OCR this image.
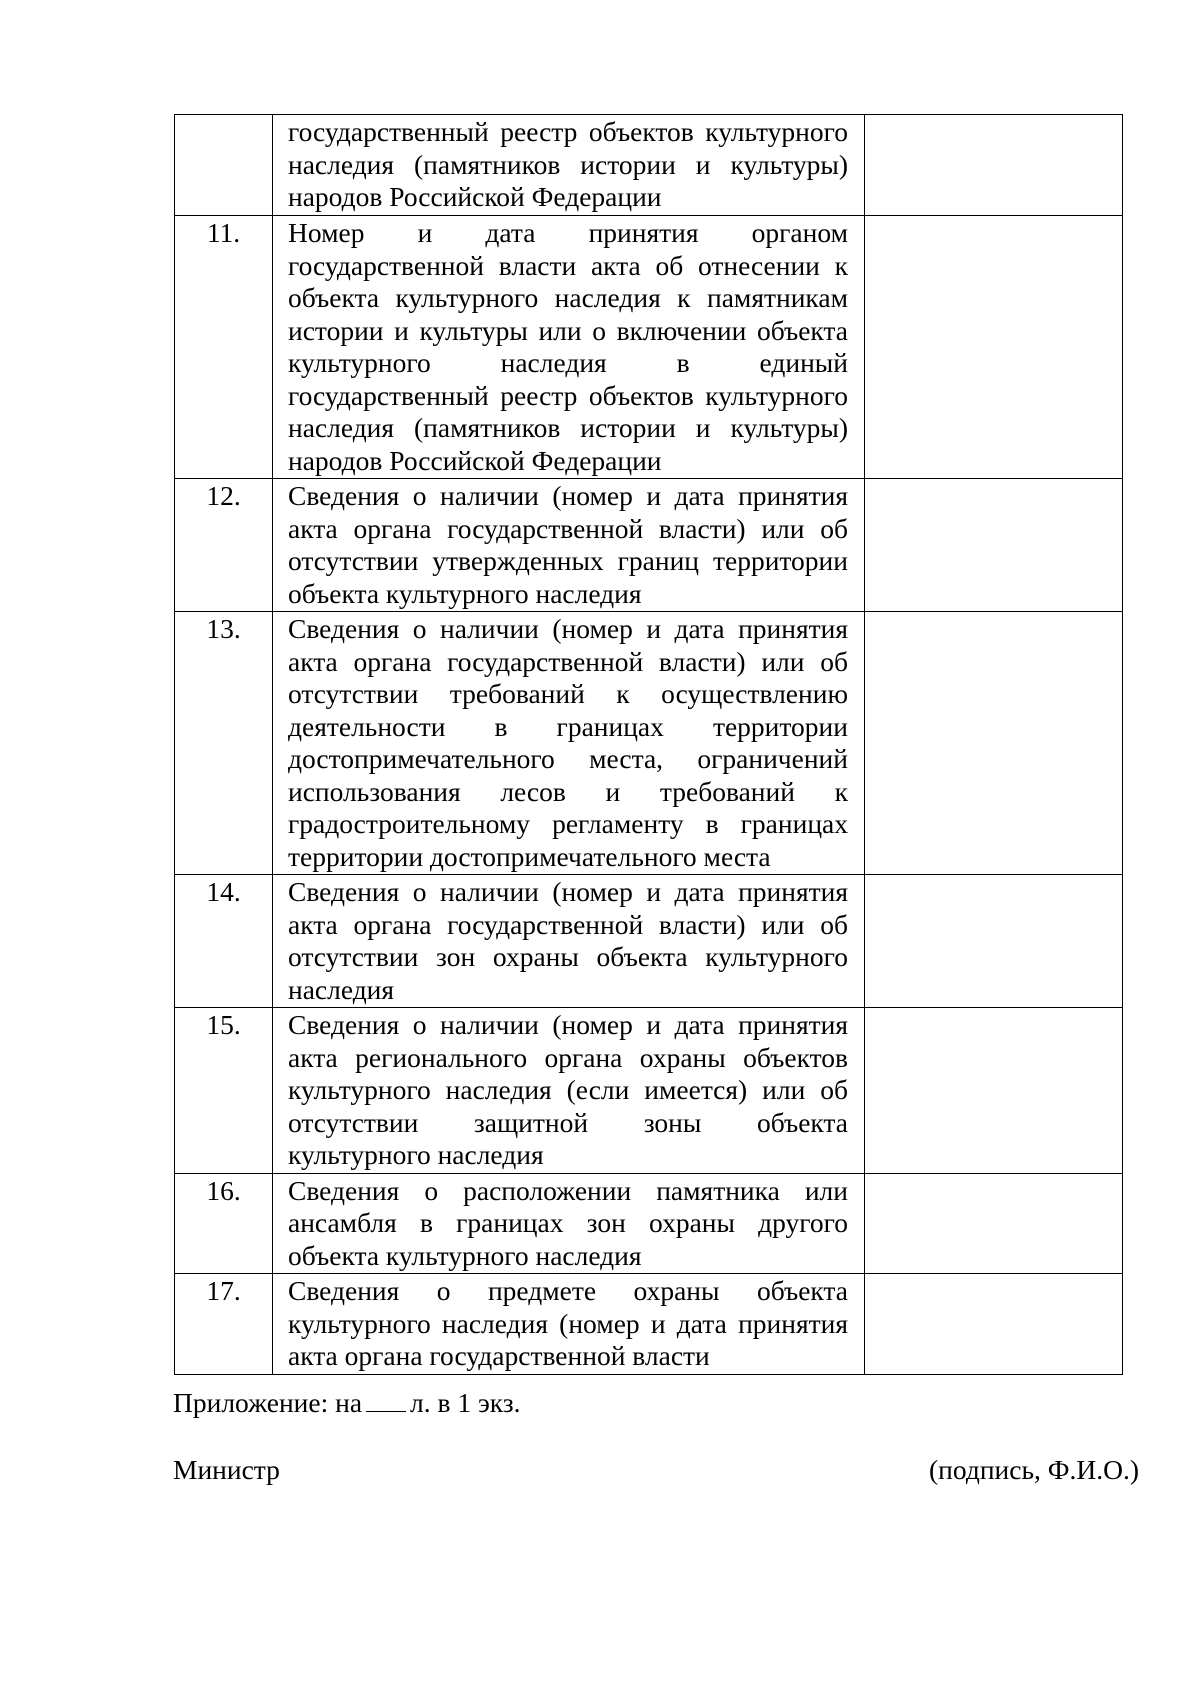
	государственный реестр объектов культурного наследия (памятников истории и культуры) народов Российской Федерации	

11.	Номер и дата принятия органом государственной власти акта об отнесении к объекта культурного наследия к памятникам истории и культуры или о включении объекта культурного наследия в единый государственный реестр объектов культурного наследия (памятников истории и культуры) народов Российской Федерации	

12.	Сведения о наличии (номер и дата принятия акта органа государственной власти) или об отсутствии утвержденных границ территории объекта культурного наследия	

13.	Сведения о наличии (номер и дата принятия акта органа государственной власти) или об отсутствии требований к осуществлению деятельности в границах территории достопримечательного места, ограничений использования лесов и требований к градостроительному регламенту в границах территории достопримечательного места	

14.	Сведения о наличии (номер и дата принятия акта органа государственной власти) или об отсутствии зон охраны объекта культурного наследия	

15.	Сведения о наличии (номер и дата принятия акта регионального органа охраны объектов культурного наследия (если имеется) или об отсутствии защитной зоны объекта культурного наследия	

16.	Сведения о расположении памятника или ансамбля в границах зон охраны другого объекта культурного наследия	

17.	Сведения о предмете охраны объекта культурного наследия (номер и дата принятия акта органа государственной власти	
Приложение: на л. в 1 экз.
Министр	(подпись, Ф.И.О.)
